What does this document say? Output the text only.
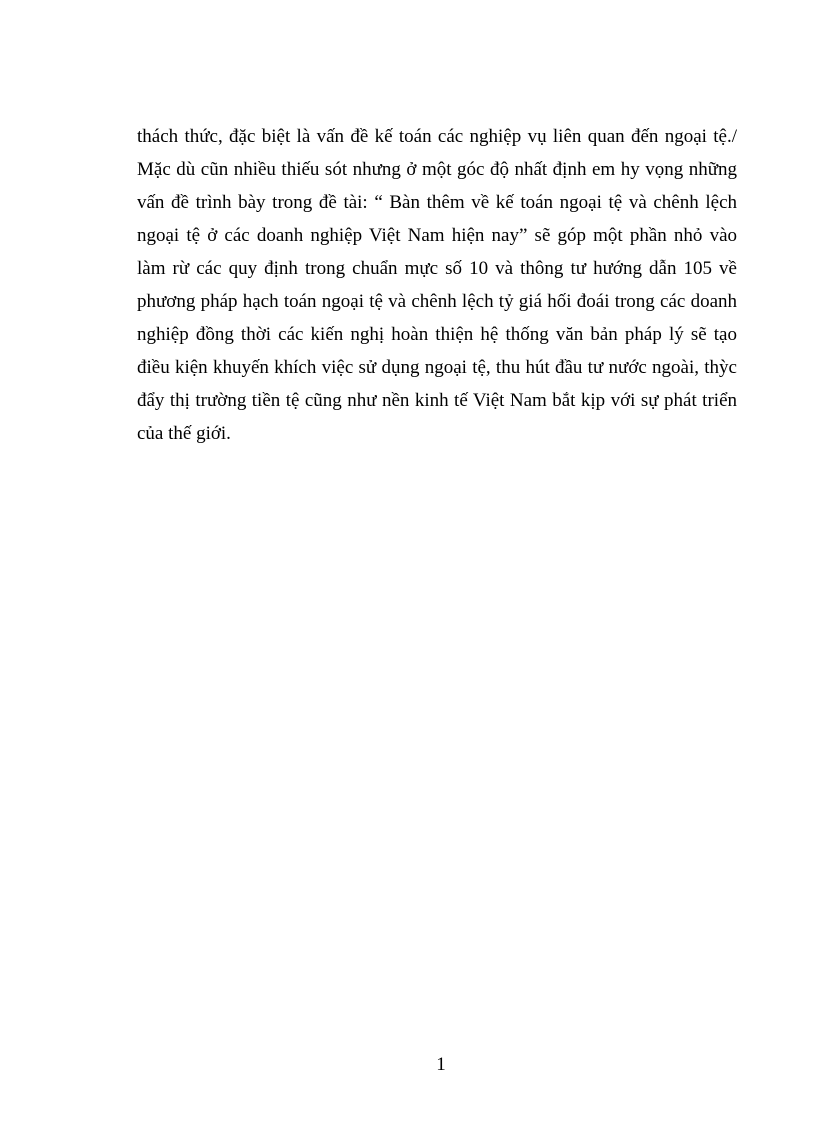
thách thức, đặc biệt là vấn đề kế toán các nghiệp vụ liên quan đến ngoại tệ./
Mặc dù cũn nhiều thiếu sót nhưng ở một góc độ nhất định em hy vọng những
vấn đề trình bày trong đề tài: “ Bàn thêm về kế toán ngoại tệ và chênh lệch
ngoại tệ ở các doanh nghiệp Việt Nam hiện nay” sẽ góp một phần nhỏ vào
làm rừ các quy định trong chuẩn mực số 10 và thông tư hướng dẫn 105 về
phương pháp hạch toán ngoại tệ và chênh lệch tỷ giá hối đoái trong các doanh
nghiệp đồng thời các kiến nghị hoàn thiện hệ thống văn bản pháp lý sẽ tạo
điều kiện khuyến khích việc sử dụng ngoại tệ, thu hút đầu tư nước ngoài, thỳc
đẩy thị trường tiền tệ cũng như nền kinh tế Việt Nam bắt kịp với sự phát triển
của thế giới.

1
